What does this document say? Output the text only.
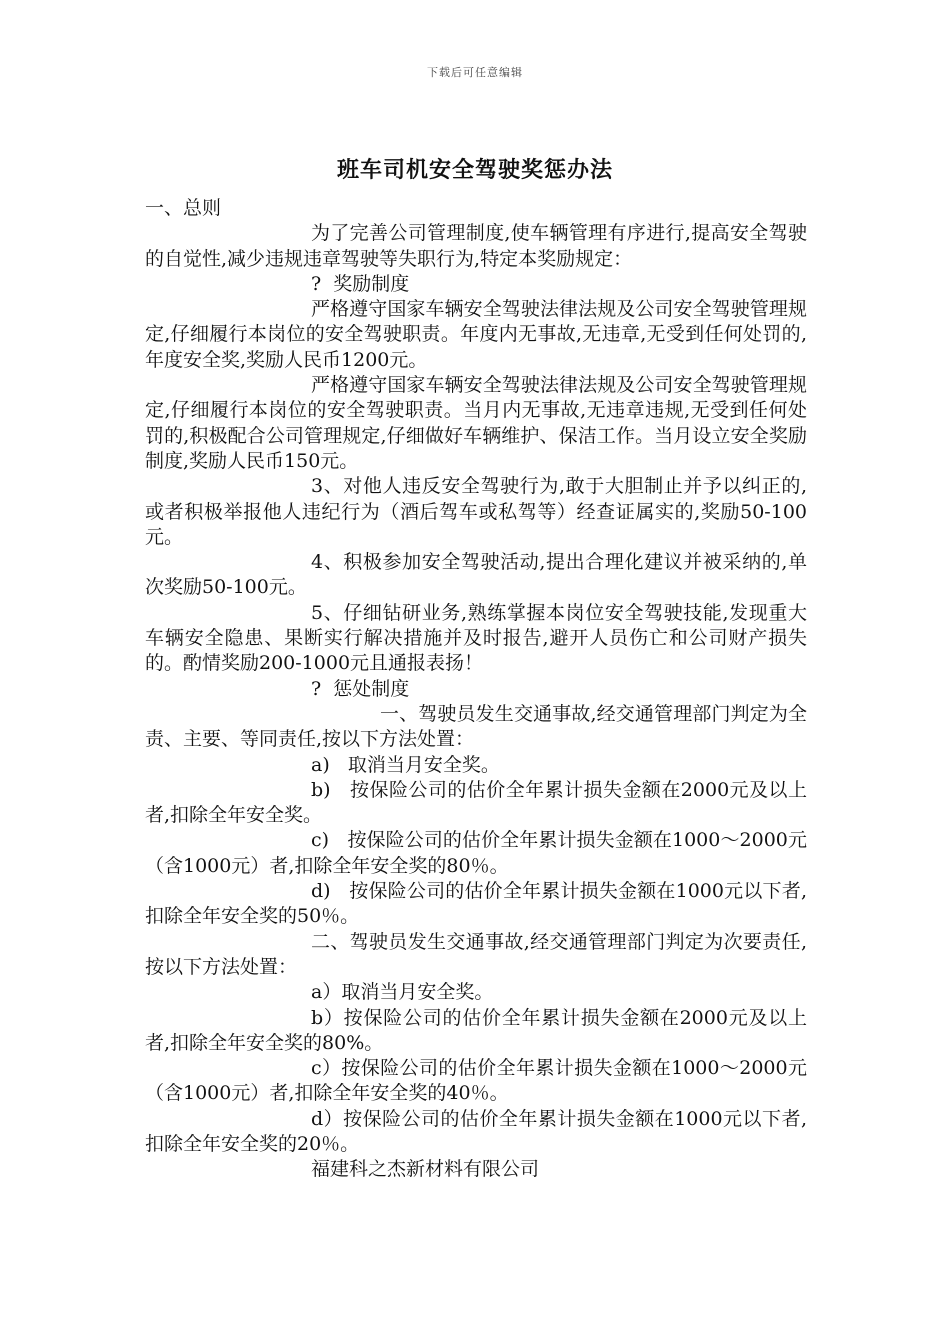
下载后可任意编辑
班车司机安全驾驶奖惩办法

一、总则

为了完善公司管理制度,使车辆管理有序进行,提高安全驾驶的自觉性,减少违规违章驾驶等失职行为,特定本奖励规定：

?  奖励制度

严格遵守国家车辆安全驾驶法律法规及公司安全驾驶管理规定,仔细履行本岗位的安全驾驶职责。年度内无事故,无违章,无受到任何处罚的,年度安全奖,奖励人民币1200元。

严格遵守国家车辆安全驾驶法律法规及公司安全驾驶管理规定,仔细履行本岗位的安全驾驶职责。当月内无事故,无违章违规,无受到任何处罚的,积极配合公司管理规定,仔细做好车辆维护、保洁工作。当月设立安全奖励制度,奖励人民币150元。

3、对他人违反安全驾驶行为,敢于大胆制止并予以纠正的,或者积极举报他人违纪行为（酒后驾车或私驾等）经查证属实的,奖励50-100元。

4、积极参加安全驾驶活动,提出合理化建议并被采纳的,单次奖励50-100元。

5、仔细钻研业务,熟练掌握本岗位安全驾驶技能,发现重大车辆安全隐患、果断实行解决措施并及时报告,避开人员伤亡和公司财产损失的。酌情奖励200-1000元且通报表扬！

?  惩处制度

一、驾驶员发生交通事故,经交通管理部门判定为全责、主要、等同责任,按以下方法处置：

a)   取消当月安全奖。

b)   按保险公司的估价全年累计损失金额在2000元及以上者,扣除全年安全奖。

c)   按保险公司的估价全年累计损失金额在1000～2000元（含1000元）者,扣除全年安全奖的80％。

d)   按保险公司的估价全年累计损失金额在1000元以下者,扣除全年安全奖的50％。

二、驾驶员发生交通事故,经交通管理部门判定为次要责任,按以下方法处置：

a）取消当月安全奖。

b）按保险公司的估价全年累计损失金额在2000元及以上者,扣除全年安全奖的80%。

c）按保险公司的估价全年累计损失金额在1000～2000元（含1000元）者,扣除全年安全奖的40％。

d）按保险公司的估价全年累计损失金额在1000元以下者,扣除全年安全奖的20％。

福建科之杰新材料有限公司
